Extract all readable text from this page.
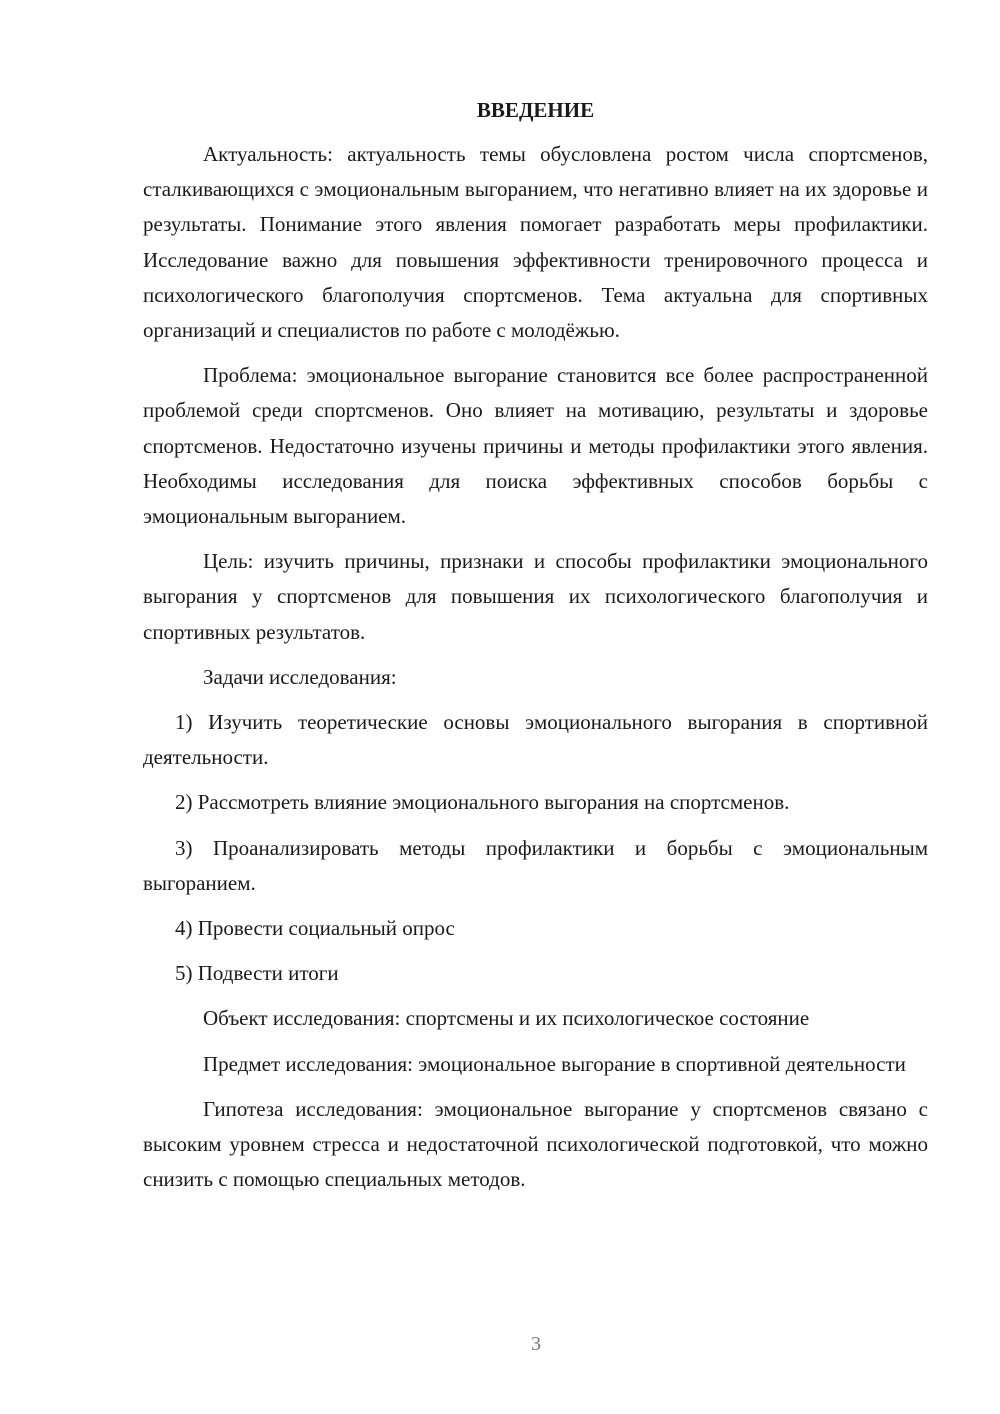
ВВЕДЕНИЕ

Актуальность: актуальность темы обусловлена ростом числа спортсменов, сталкивающихся с эмоциональным выгоранием, что негативно влияет на их здоровье и результаты. Понимание этого явления помогает разработать меры профилактики. Исследование важно для повышения эффективности тренировочного процесса и психологического благополучия спортсменов. Тема актуальна для спортивных организаций и специалистов по работе с молодёжью.

Проблема: эмоциональное выгорание становится все более распространенной проблемой среди спортсменов. Оно влияет на мотивацию, результаты и здоровье спортсменов. Недостаточно изучены причины и методы профилактики этого явления. Необходимы исследования для поиска эффективных способов борьбы с эмоциональным выгоранием.

Цель: изучить причины, признаки и способы профилактики эмоционального выгорания у спортсменов для повышения их психологического благополучия и спортивных результатов.

Задачи исследования:

1) Изучить теоретические основы эмоционального выгорания в спортивной деятельности.

2) Рассмотреть влияние эмоционального выгорания на спортсменов.

3) Проанализировать методы профилактики и борьбы с эмоциональным выгоранием.

4) Провести социальный опрос

5) Подвести итоги

Объект исследования: спортсмены и их психологическое состояние

Предмет исследования: эмоциональное выгорание в спортивной деятельности

Гипотеза исследования: эмоциональное выгорание у спортсменов связано с высоким уровнем стресса и недостаточной психологической подготовкой, что можно снизить с помощью специальных методов.

3
